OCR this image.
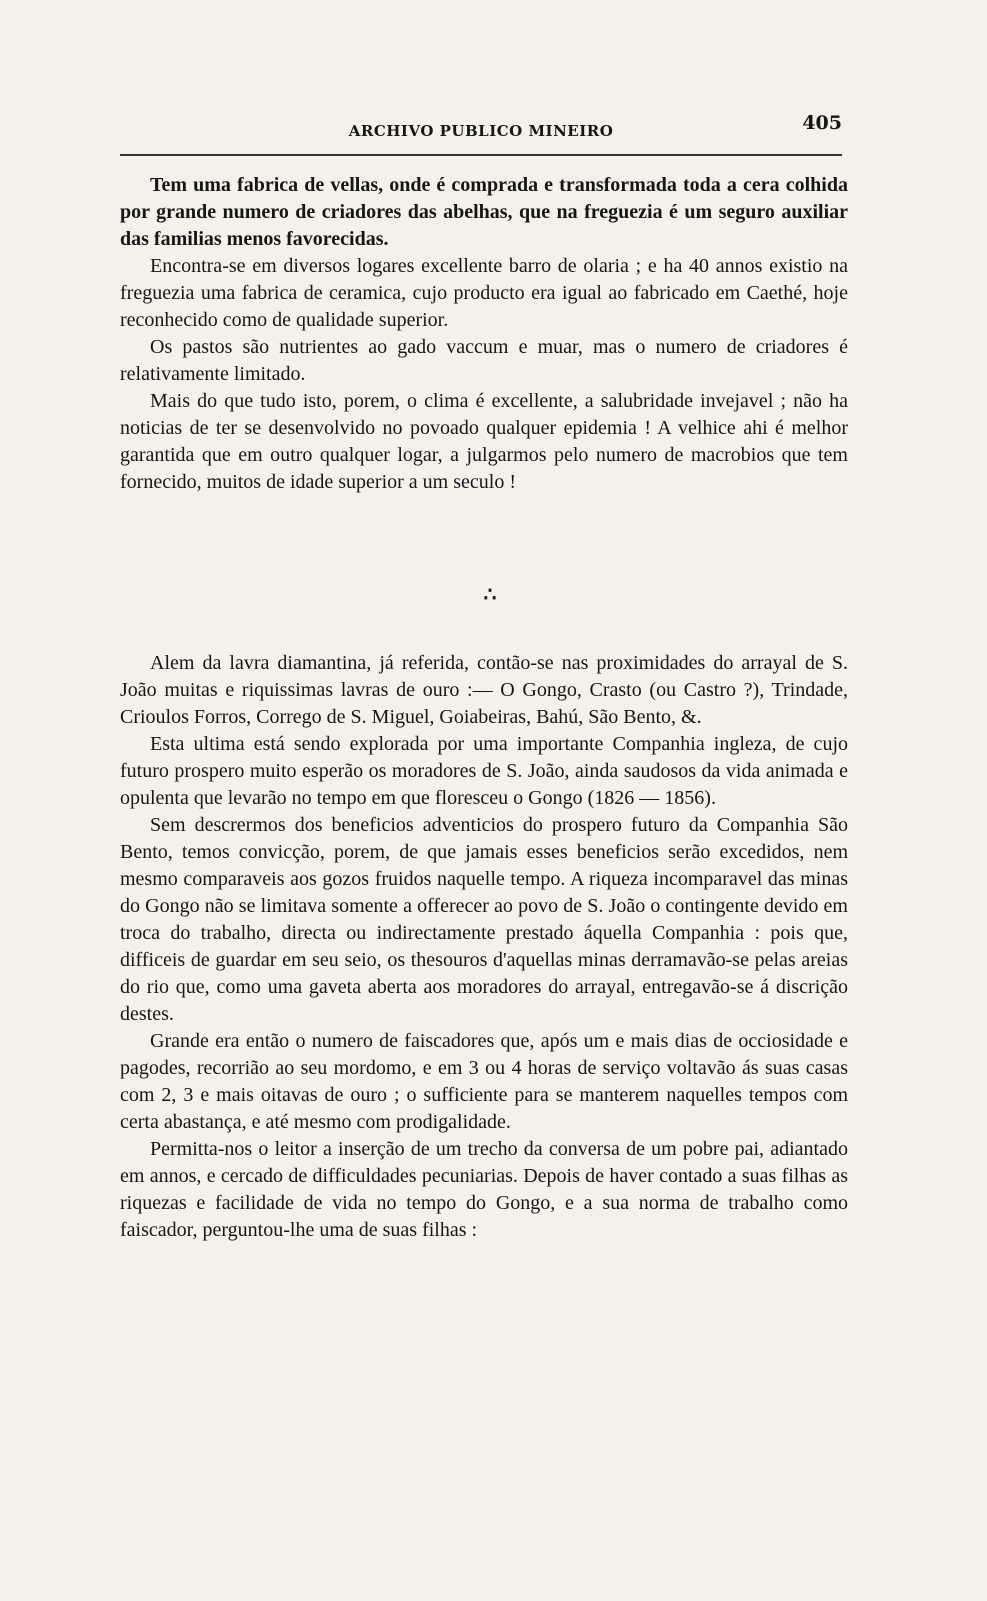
ARCHIVO PUBLICO MINEIRO	405

Tem uma fabrica de vellas, onde é comprada e transformada toda a cera colhida por grande numero de criadores das abelhas, que na freguezia é um seguro auxiliar das familias menos favorecidas.

Encontra-se em diversos logares excellente barro de olaria ; e ha 40 annos existio na freguezia uma fabrica de ceramica, cujo producto era igual ao fabricado em Caethé, hoje reconhecido como de qualidade superior.

Os pastos são nutrientes ao gado vaccum e muar, mas o numero de criadores é relativamente limitado.

Mais do que tudo isto, porem, o clima é excellente, a salubridade invejavel ; não ha noticias de ter se desenvolvido no povoado qualquer epidemia ! A velhice ahi é melhor garantida que em outro qualquer logar, a julgarmos pelo numero de macrobios que tem fornecido, muitos de idade superior a um seculo !

∴

Alem da lavra diamantina, já referida, contão-se nas proximidades do arrayal de S. João muitas e riquissimas lavras de ouro :— O Gongo, Crasto (ou Castro ?), Trindade, Crioulos Forros, Corrego de S. Miguel, Goiabeiras, Bahú, São Bento, &.

Esta ultima está sendo explorada por uma importante Companhia ingleza, de cujo futuro prospero muito esperão os moradores de S. João, ainda saudosos da vida animada e opulenta que levarão no tempo em que floresceu o Gongo (1826 — 1856).

Sem descrermos dos beneficios adventicios do prospero futuro da Companhia São Bento, temos convicção, porem, de que jamais esses beneficios serão excedidos, nem mesmo comparaveis aos gozos fruidos naquelle tempo. A riqueza incomparavel das minas do Gongo não se limitava somente a offerecer ao povo de S. João o contingente devido em troca do trabalho, directa ou indirectamente prestado áquella Companhia : pois que, difficeis de guardar em seu seio, os thesouros d'aquellas minas derramavão-se pelas areias do rio que, como uma gaveta aberta aos moradores do arrayal, entregavão-se á discrição destes.

Grande era então o numero de faiscadores que, após um e mais dias de occiosidade e pagodes, recorrião ao seu mordomo, e em 3 ou 4 horas de serviço voltavão ás suas casas com 2, 3 e mais oitavas de ouro ; o sufficiente para se manterem naquelles tempos com certa abastança, e até mesmo com prodigalidade.

Permitta-nos o leitor a inserção de um trecho da conversa de um pobre pai, adiantado em annos, e cercado de difficuldades pecuniarias. Depois de haver contado a suas filhas as riquezas e facilidade de vida no tempo do Gongo, e a sua norma de trabalho como faiscador, perguntou-lhe uma de suas filhas :
